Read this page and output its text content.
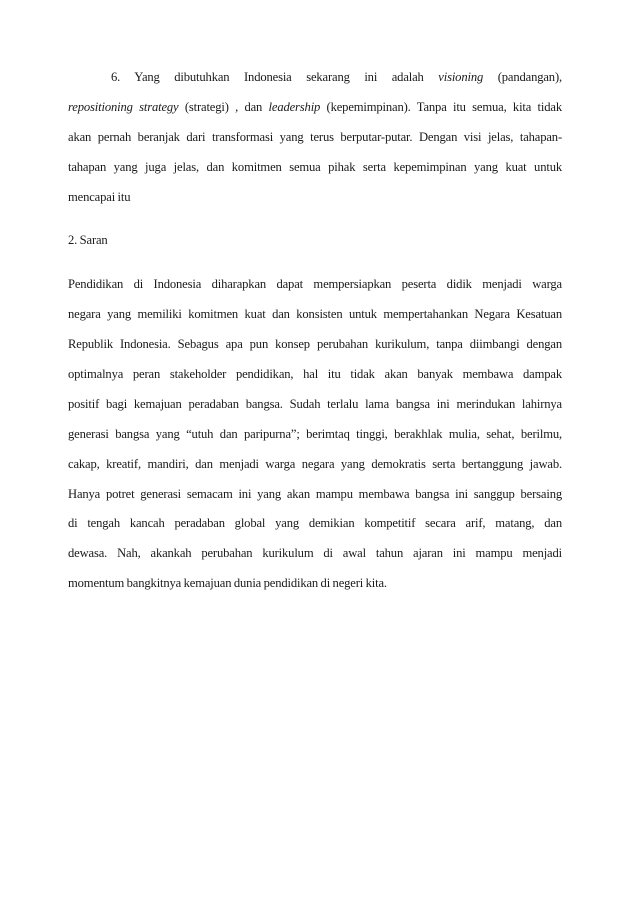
6. Yang dibutuhkan Indonesia sekarang ini adalah visioning (pandangan),
repositioning strategy (strategi) , dan leadership (kepemimpinan). Tanpa itu semua, kita tidak
akan pernah beranjak dari transformasi yang terus berputar-putar. Dengan visi jelas, tahapan-
tahapan yang juga jelas, dan komitmen semua pihak serta kepemimpinan yang kuat untuk
mencapai itu
2. Saran
Pendidikan di Indonesia diharapkan dapat mempersiapkan peserta didik menjadi warga
negara yang memiliki komitmen kuat dan konsisten untuk mempertahankan Negara Kesatuan
Republik Indonesia. Sebagus apa pun konsep perubahan kurikulum, tanpa diimbangi dengan
optimalnya peran stakeholder pendidikan, hal itu tidak akan banyak membawa dampak
positif bagi kemajuan peradaban bangsa. Sudah terlalu lama bangsa ini merindukan lahirnya
generasi bangsa yang “utuh dan paripurna”; berimtaq tinggi, berakhlak mulia, sehat, berilmu,
cakap, kreatif, mandiri, dan menjadi warga negara yang demokratis serta bertanggung jawab.
Hanya potret generasi semacam ini yang akan mampu membawa bangsa ini sanggup bersaing
di tengah kancah peradaban global yang demikian kompetitif secara arif, matang, dan
dewasa. Nah, akankah perubahan kurikulum di awal tahun ajaran ini mampu menjadi
momentum bangkitnya kemajuan dunia pendidikan di negeri kita.
